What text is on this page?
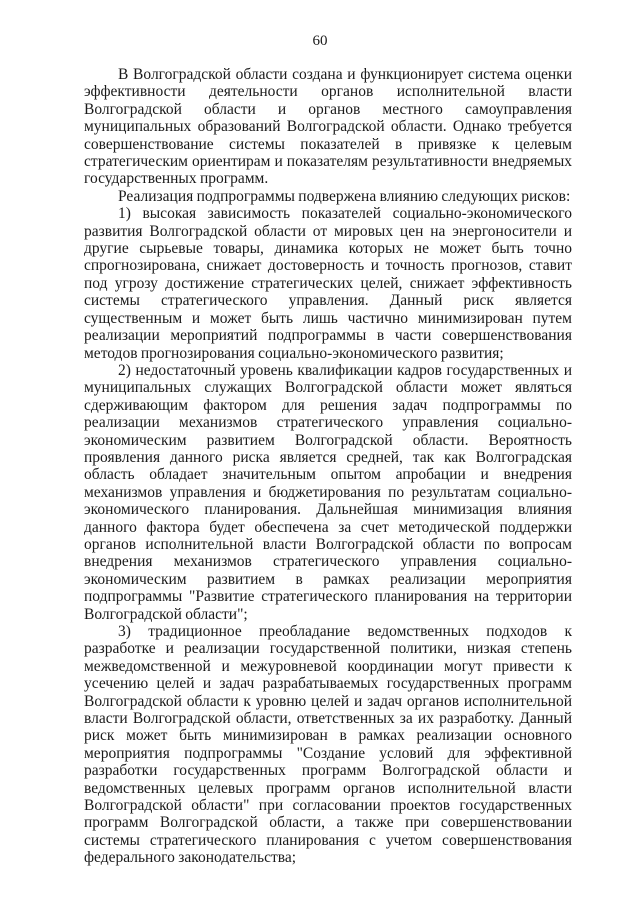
60

В Волгоградской области создана и функционирует система оценки эффективности деятельности органов исполнительной власти Волгоградской области и органов местного самоуправления муниципальных образований Волгоградской области. Однако требуется совершенствование системы показателей в привязке к целевым стратегическим ориентирам и показателям результативности внедряемых государственных программ.

Реализация подпрограммы подвержена влиянию следующих рисков:

1) высокая зависимость показателей социально-экономического развития Волгоградской области от мировых цен на энергоносители и другие сырьевые товары, динамика которых не может быть точно спрогнозирована, снижает достоверность и точность прогнозов, ставит под угрозу достижение стратегических целей, снижает эффективность системы стратегического управления. Данный риск является существенным и может быть лишь частично минимизирован путем реализации мероприятий подпрограммы в части совершенствования методов прогнозирования социально-экономического развития;

2) недостаточный уровень квалификации кадров государственных и муниципальных служащих Волгоградской области может являться сдерживающим фактором для решения задач подпрограммы по реализации механизмов стратегического управления социально-экономическим развитием Волгоградской области. Вероятность проявления данного риска является средней, так как Волгоградская область обладает значительным опытом апробации и внедрения механизмов управления и бюджетирования по результатам социально-экономического планирования. Дальнейшая минимизация влияния данного фактора будет обеспечена за счет методической поддержки органов исполнительной власти Волгоградской области по вопросам внедрения механизмов стратегического управления социально-экономическим развитием в рамках реализации мероприятия подпрограммы "Развитие стратегического планирования на территории Волгоградской области";

3) традиционное преобладание ведомственных подходов к разработке и реализации государственной политики, низкая степень межведомственной и межуровневой координации могут привести к усечению целей и задач разрабатываемых государственных программ Волгоградской области к уровню целей и задач органов исполнительной власти Волгоградской области, ответственных за их разработку. Данный риск может быть минимизирован в рамках реализации основного мероприятия подпрограммы "Создание условий для эффективной разработки государственных программ Волгоградской области и ведомственных целевых программ органов исполнительной власти Волгоградской области" при согласовании проектов государственных программ Волгоградской области, а также при совершенствовании системы стратегического планирования с учетом совершенствования федерального законодательства;
